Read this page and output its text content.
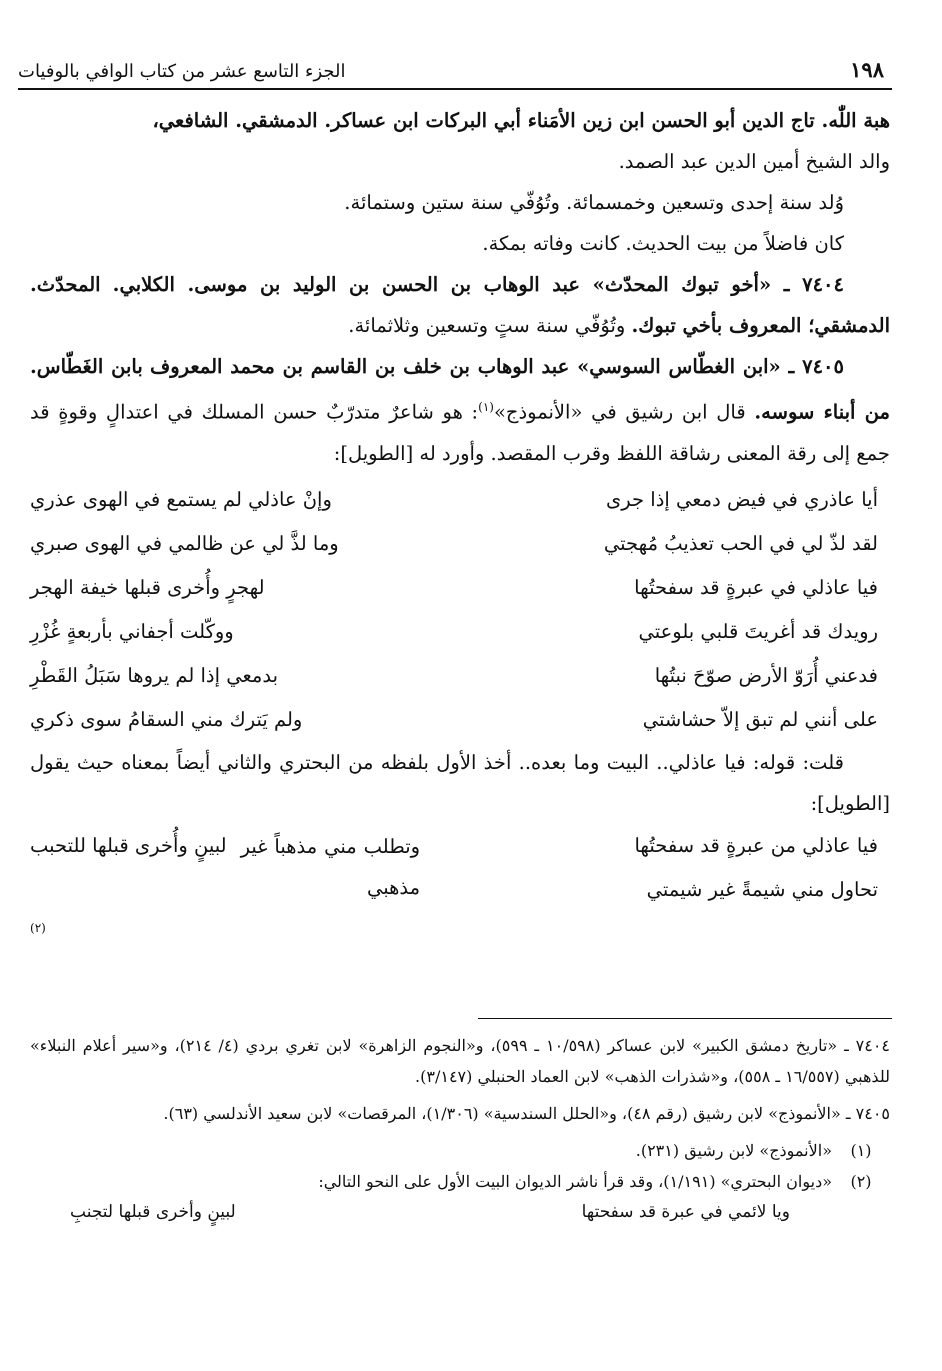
١٩٨
الجزء التاسع عشر من كتاب الوافي بالوفيات

هبة اللّٰه. تاج الدين أبو الحسن ابن زين الأمَناء أبي البركات ابن عساكر. الدمشقي. الشافعي،

والد الشيخ أمين الدين عبد الصمد.

وُلد سنة إحدى وتسعين وخمسمائة. وتُوُفّي سنة ستين وستمائة.

كان فاضلاً من بيت الحديث. كانت وفاته بمكة.

٧٤٠٤ ـ «أخو تبوك المحدّث» عبد الوهاب بن الحسن بن الوليد بن موسى. الكلابي. المحدّث. الدمشقي؛ المعروف بأخي تبوك. وتُوُفّي سنة ستٍ وتسعين وثلاثمائة.

٧٤٠٥ ـ «ابن الغطّاس السوسي» عبد الوهاب بن خلف بن القاسم بن محمد المعروف بابن الغَطّاس. من أبناء سوسه. قال ابن رشيق في «الأنموذج»$^{(١)}$: هو شاعرٌ متدرّبٌ حسن المسلك في اعتدالٍ وقوةٍ قد جمع إلى رقة المعنى رشاقة اللفظ وقرب المقصد. وأورد له [الطويل]:

أيا عاذري في فيض دمعي إذا جرى
وإنْ عاذلي لم يستمع في الهوى عذري
لقد لذّ لي في الحب تعذيبُ مُهجتي
وما لذَّ لي عن ظالمي في الهوى صبري
فيا عاذلي في عبرةٍ قد سفحتُها
لهجرٍ وأُخرى قبلها خيفة الهجر
رويدك قد أغريتَ قلبي بلوعتي
ووكّلت أجفاني بأربعةٍ غُزْرِ
فدعني أُرَوّ الأرض صوّحَ نبتُها
بدمعي إذا لم يروها سَبَلُ القَطْرِ
على أنني لم تبق إلاّ حشاشتي
ولم يَترك مني السقامُ سوى ذكري

قلت: قوله: فيا عاذلي.. البيت وما بعده.. أخذ الأول بلفظه من البحتري والثاني أيضاً بمعناه حيث يقول [الطويل]:

فيا عاذلي من عبرةٍ قد سفحتُها
لبينٍ وأُخرى قبلها للتحبب
تحاول مني شيمةً غير شيمتي
وتطلب مني مذهباً غير مذهبي
$^{(٢)}$

٧٤٠٤ ـ «تاريخ دمشق الكبير» لابن عساكر (١٠/٥٩٨ ـ ٥٩٩)، و«النجوم الزاهرة» لابن تغري بردي (٤/ ٢١٤)، و«سير أعلام النبلاء» للذهبي (١٦/٥٥٧ ـ ٥٥٨)، و«شذرات الذهب» لابن العماد الحنبلي (٣/١٤٧).

٧٤٠٥ ـ «الأنموذج» لابن رشيق (رقم ٤٨)، و«الحلل السندسية» (١/٣٠٦)، المرقصات» لابن سعيد الأندلسي (٦٣).

(١)
«الأنموذج» لابن رشيق (٢٣١).
(٢)
«ديوان البحتري» (١/١٩١)، وقد قرأ ناشر الديوان البيت الأول على النحو التالي:
ويا لائمي في عبرة قد سفحتها
لبينٍ وأخرى قبلها لتجنبِ
